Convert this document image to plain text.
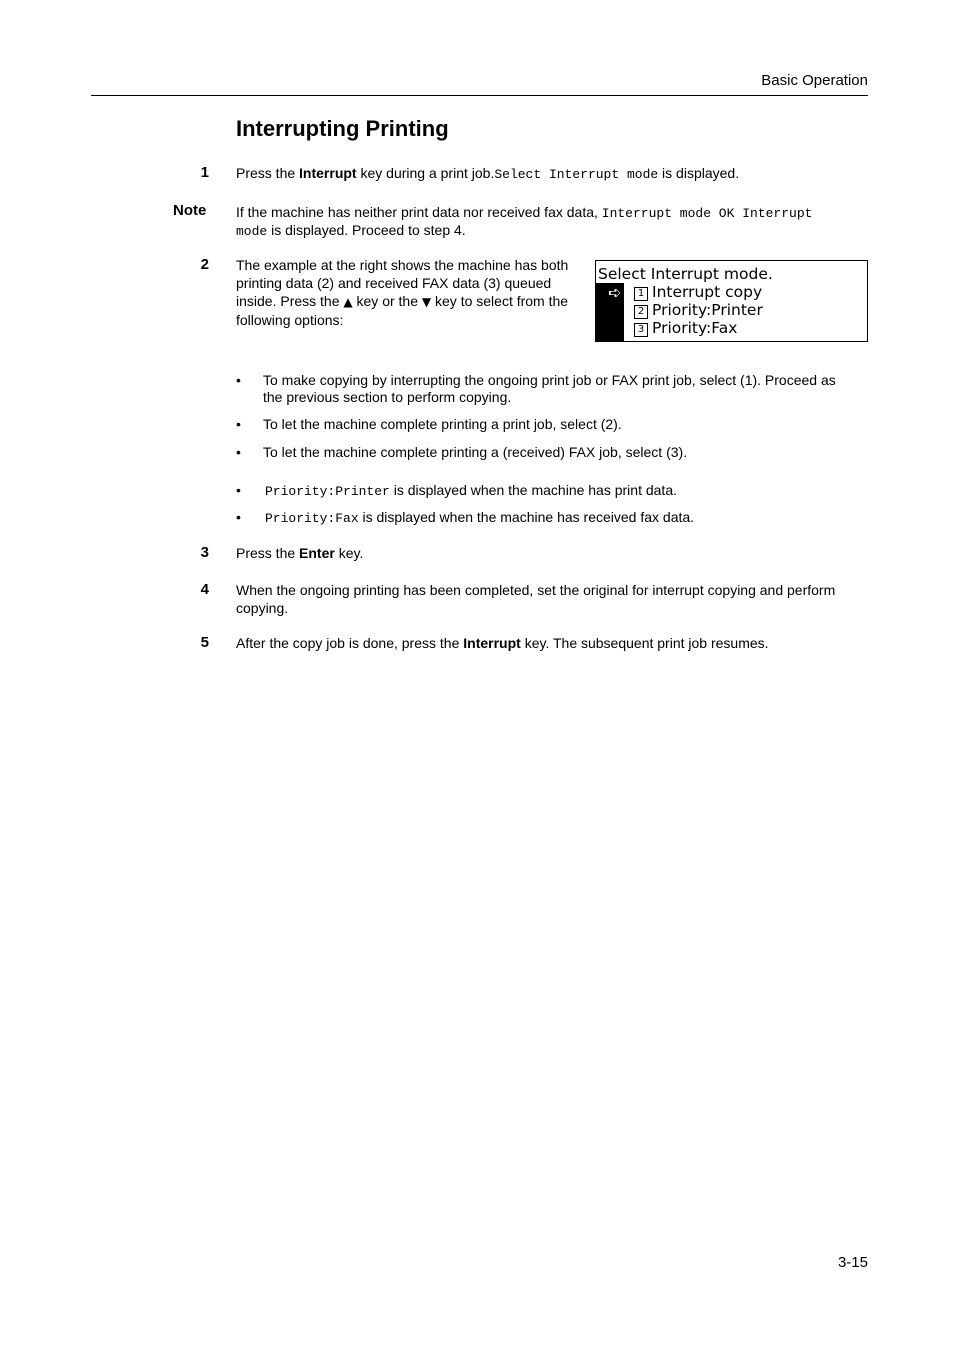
Basic Operation
Interrupting Printing
1 Press the Interrupt key during a print job.Select Interrupt mode is displayed.
Note If the machine has neither print data nor received fax data, Interrupt mode OK Interrupt
mode is displayed. Proceed to step 4.
2 The example at the right shows the machine has both
printing data (2) and received FAX data (3) queued
inside. Press the ▲ key or the ▼ key to select from the
following options:
Select Interrupt mode.
➪	1 Interrupt copy
2 Priority:Printer
3 Priority:Fax
• To make copying by interrupting the ongoing print job or FAX print job, select (1). Proceed as
the previous section to perform copying.
• To let the machine complete printing a print job, select (2).
• To let the machine complete printing a (received) FAX job, select (3).
• Priority:Printer is displayed when the machine has print data.
• Priority:Fax is displayed when the machine has received fax data.
3 Press the Enter key.
4 When the ongoing printing has been completed, set the original for interrupt copying and perform
copying.
5 After the copy job is done, press the Interrupt key. The subsequent print job resumes.
3-15
